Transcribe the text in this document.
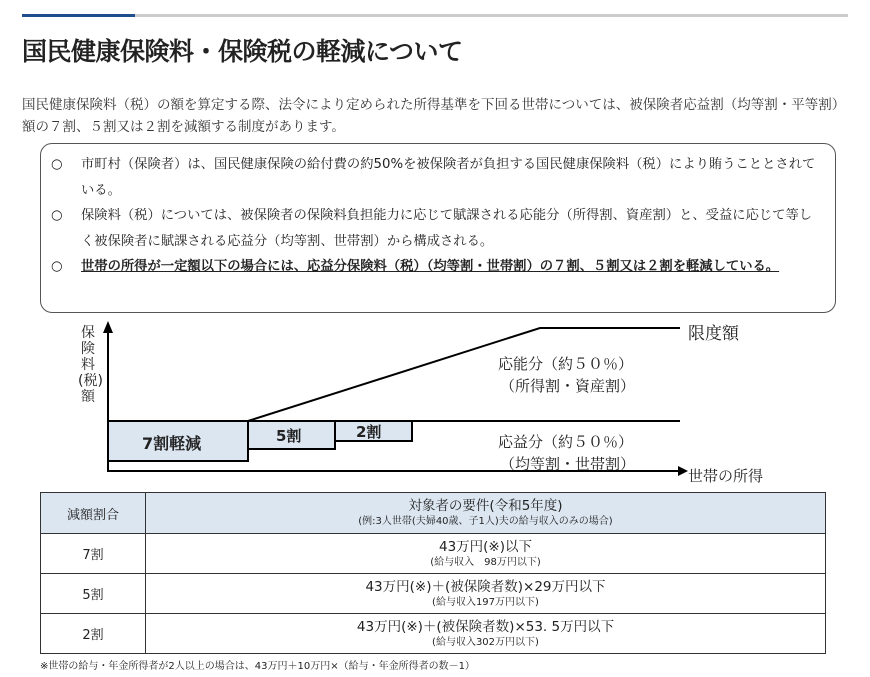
国民健康保険料・保険税の軽減について

国民健康保険料（税）の額を算定する際、法令により定められた所得基準を下回る世帯については、被保険者応益割（均等割・平等割）額の７割、５割又は２割を減額する制度があります。

○	市町村（保険者）は、国民健康保険の給付費の約50%を被保険者が負担する国民健康保険料（税）により賄うこととされている。
○	保険料（税）については、被保険者の保険料負担能力に応じて賦課される応能分（所得割、資産割）と、受益に応じて等しく被保険者に賦課される応益分（均等割、世帯割）から構成される。
○	世帯の所得が一定額以下の場合には、応益分保険料（税）（均等割・世帯割）の７割、５割又は２割を軽減している。
保険料(税)額
限度額
応能分（約５０％）
（所得割・資産割）
応益分（約５０％）
（均等割・世帯割）
世帯の所得
7割軽減	5割	2割
減額割合	対象者の要件(令和5年度)
(例:3人世帯(夫婦40歳、子1人)夫の給与収入のみの場合)

7割	43万円(※)以下
(給与収入　98万円以下)

5割	43万円(※)＋(被保険者数)×29万円以下
(給与収入197万円以下)

2割	43万円(※)＋(被保険者数)×53. 5万円以下
(給与収入302万円以下)
※世帯の給与・年金所得者が2人以上の場合は、43万円＋10万円×（給与・年金所得者の数－1）
